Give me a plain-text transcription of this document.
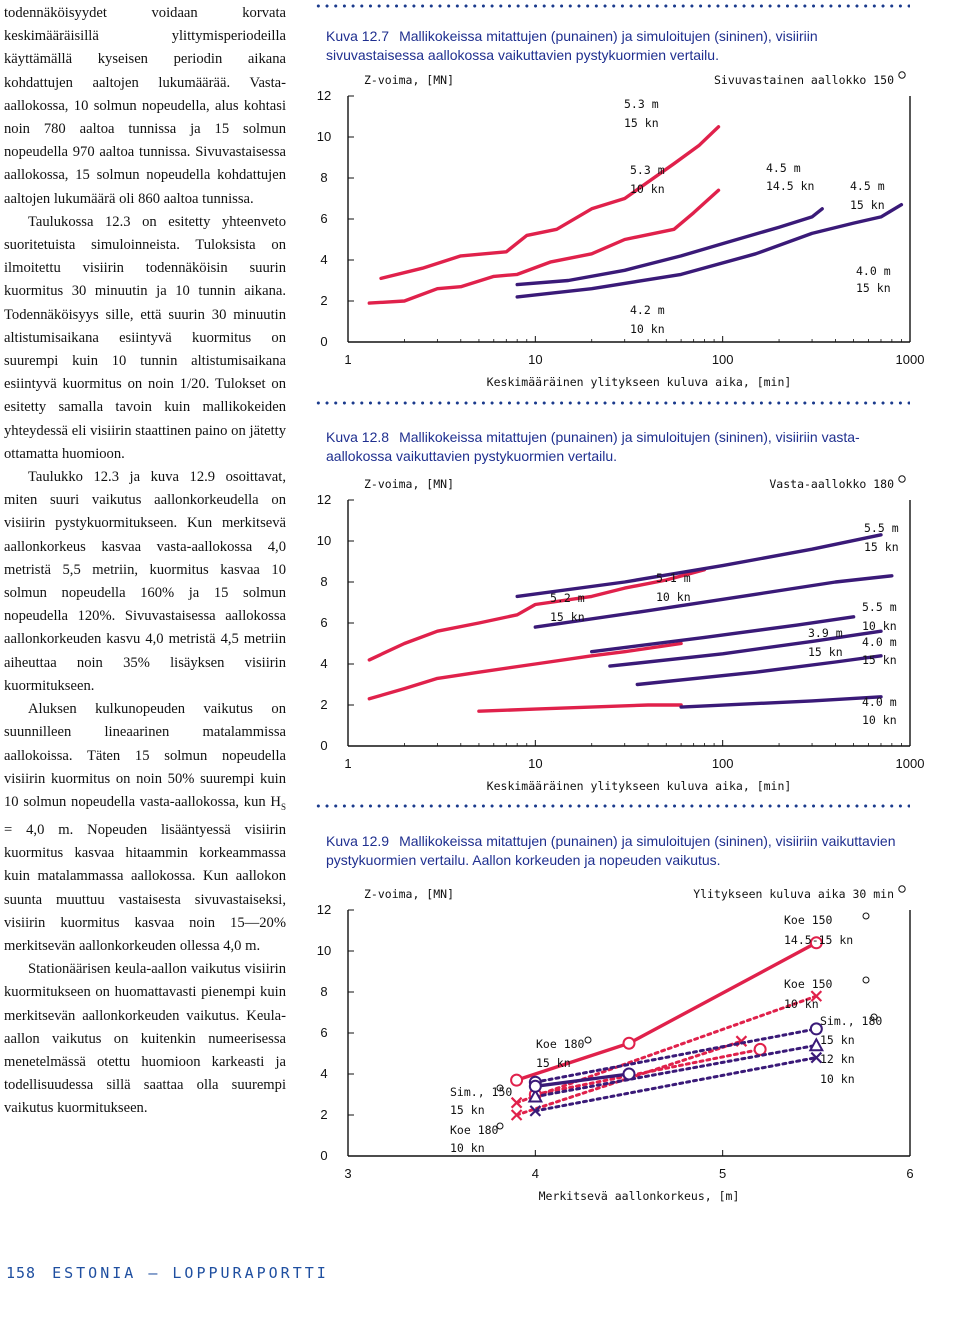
todennäköisyydet voidaan korvata keskimääräisillä ylittymisperiodeilla käyttämällä kyseisen periodin aikana kohdattujen aaltojen lukumäärää. Vasta-aallokossa, 10 solmun nopeudella, alus kohtasi noin 780 aaltoa tunnissa ja 15 solmun nopeudella 970 aaltoa tunnissa. Sivuvastaisessa aallokossa, 15 solmun nopeudella kohdattujen aaltojen lukumäärä oli 860 aaltoa tunnissa.

Taulukossa 12.3 on esitetty yhteenveto suoritetuista simuloinneista. Tuloksista on ilmoitettu visiirin todennäköisin suurin kuormitus 30 minuutin ja 10 tunnin aikana. Todennäköisyys sille, että suurin 30 minuutin altistumisaikana esiintyvä kuormitus on suurempi kuin 10 tunnin altistumisaikana esiintyvä kuormitus on noin 1/20. Tulokset on esitetty samalla tavoin kuin mallikokeiden yhteydessä eli visiirin staattinen paino on jätetty ottamatta huomioon.

Taulukko 12.3 ja kuva 12.9 osoittavat, miten suuri vaikutus aallonkorkeudella on visiirin pystykuormitukseen. Kun merkitsevä aallonkorkeus kasvaa vasta-aallokossa 4,0 metristä 5,5 metriin, kuormitus kasvaa 10 solmun nopeudella 160% ja 15 solmun nopeudella 120%. Sivuvastaisessa aallokossa aallonkorkeuden kasvu 4,0 metristä 4,5 metriin aiheuttaa noin 35% lisäyksen visiirin kuormitukseen.

Aluksen kulkunopeuden vaikutus on suunnilleen lineaarinen matalammissa aallokoissa. Täten 15 solmun nopeudella visiirin kuormitus on noin 50% suurempi kuin 10 solmun nopeudella vasta-aallokossa, kun $H_S = 4,0$ m. Nopeuden lisääntyessä visiirin kuormitus kasvaa hitaammin korkeammassa kuin matalammassa aallokossa. Kun aallokon suunta muuttuu vastaisesta sivuvastaiseksi, visiirin kuormitus kasvaa noin 15—20% merkitsevän aallonkorkeuden ollessa 4,0 m.

Stationäärisen keula-aallon vaikutus visiirin kuormitukseen on huomattavasti pienempi kuin merkitsevän aallonkorkeuden vaikutus. Keula-aallon vaikutus on kuitenkin numeerisessa menetelmässä otettu huomioon karkeasti ja todellisuudessa sillä saattaa olla suurempi vaikutus kuormitukseen.

Kuva 12.7 Mallikokeissa mitattujen (punainen) ja simuloitujen (sininen), visiiriin sivuvastaisessa aallokossa vaikuttavien pystykuormien vertailu.
0
2
4
6
8
10
12
1	10	100	1000
Z-voima, [MN]	Sivuvastainen aallokko 150
Keskimääräinen ylitykseen kuluva aika, [min]
5.3 m
15 kn
5.3 m
10 kn
4.2 m
10 kn
4.5 m
14.5 kn	4.5 m
15 kn
4.0 m
15 kn
Kuva 12.8 Mallikokeissa mitattujen (punainen) ja simuloitujen (sininen), visiiriin vasta-aallokossa vaikuttavien pystykuormien vertailu.
0
2
4
6
8
10
12
1	10	100	1000
Z-voima, [MN]	Vasta-aallokko 180
Keskimääräinen ylitykseen kuluva aika, [min]
5.5 m
15 kn
5.1 m
10 kn
5.2 m
15 kn
5.5 m
10 kn
3.9 m
15 kn
4.0 m
15 kn
4.0 m
10 kn
Kuva 12.9 Mallikokeissa mitattujen (punainen) ja simuloitujen (sininen), visiiriin vaikuttavien pystykuormien vertailu. Aallon korkeuden ja nopeuden vaikutus.
0
2
4
6
8
10
12
3	4	5	6
Z-voima, [MN]	Ylitykseen kuluva aika 30 min
Merkitsevä aallonkorkeus, [m]
Koe 150
14.5-15 kn
Koe 150
10 kn
Sim., 180
15 kn
12 kn
10 kn
Koe 180
15 kn
Sim., 150
15 kn
Koe 180
10 kn
158 ESTONIA — LOPPURAPORTTI
